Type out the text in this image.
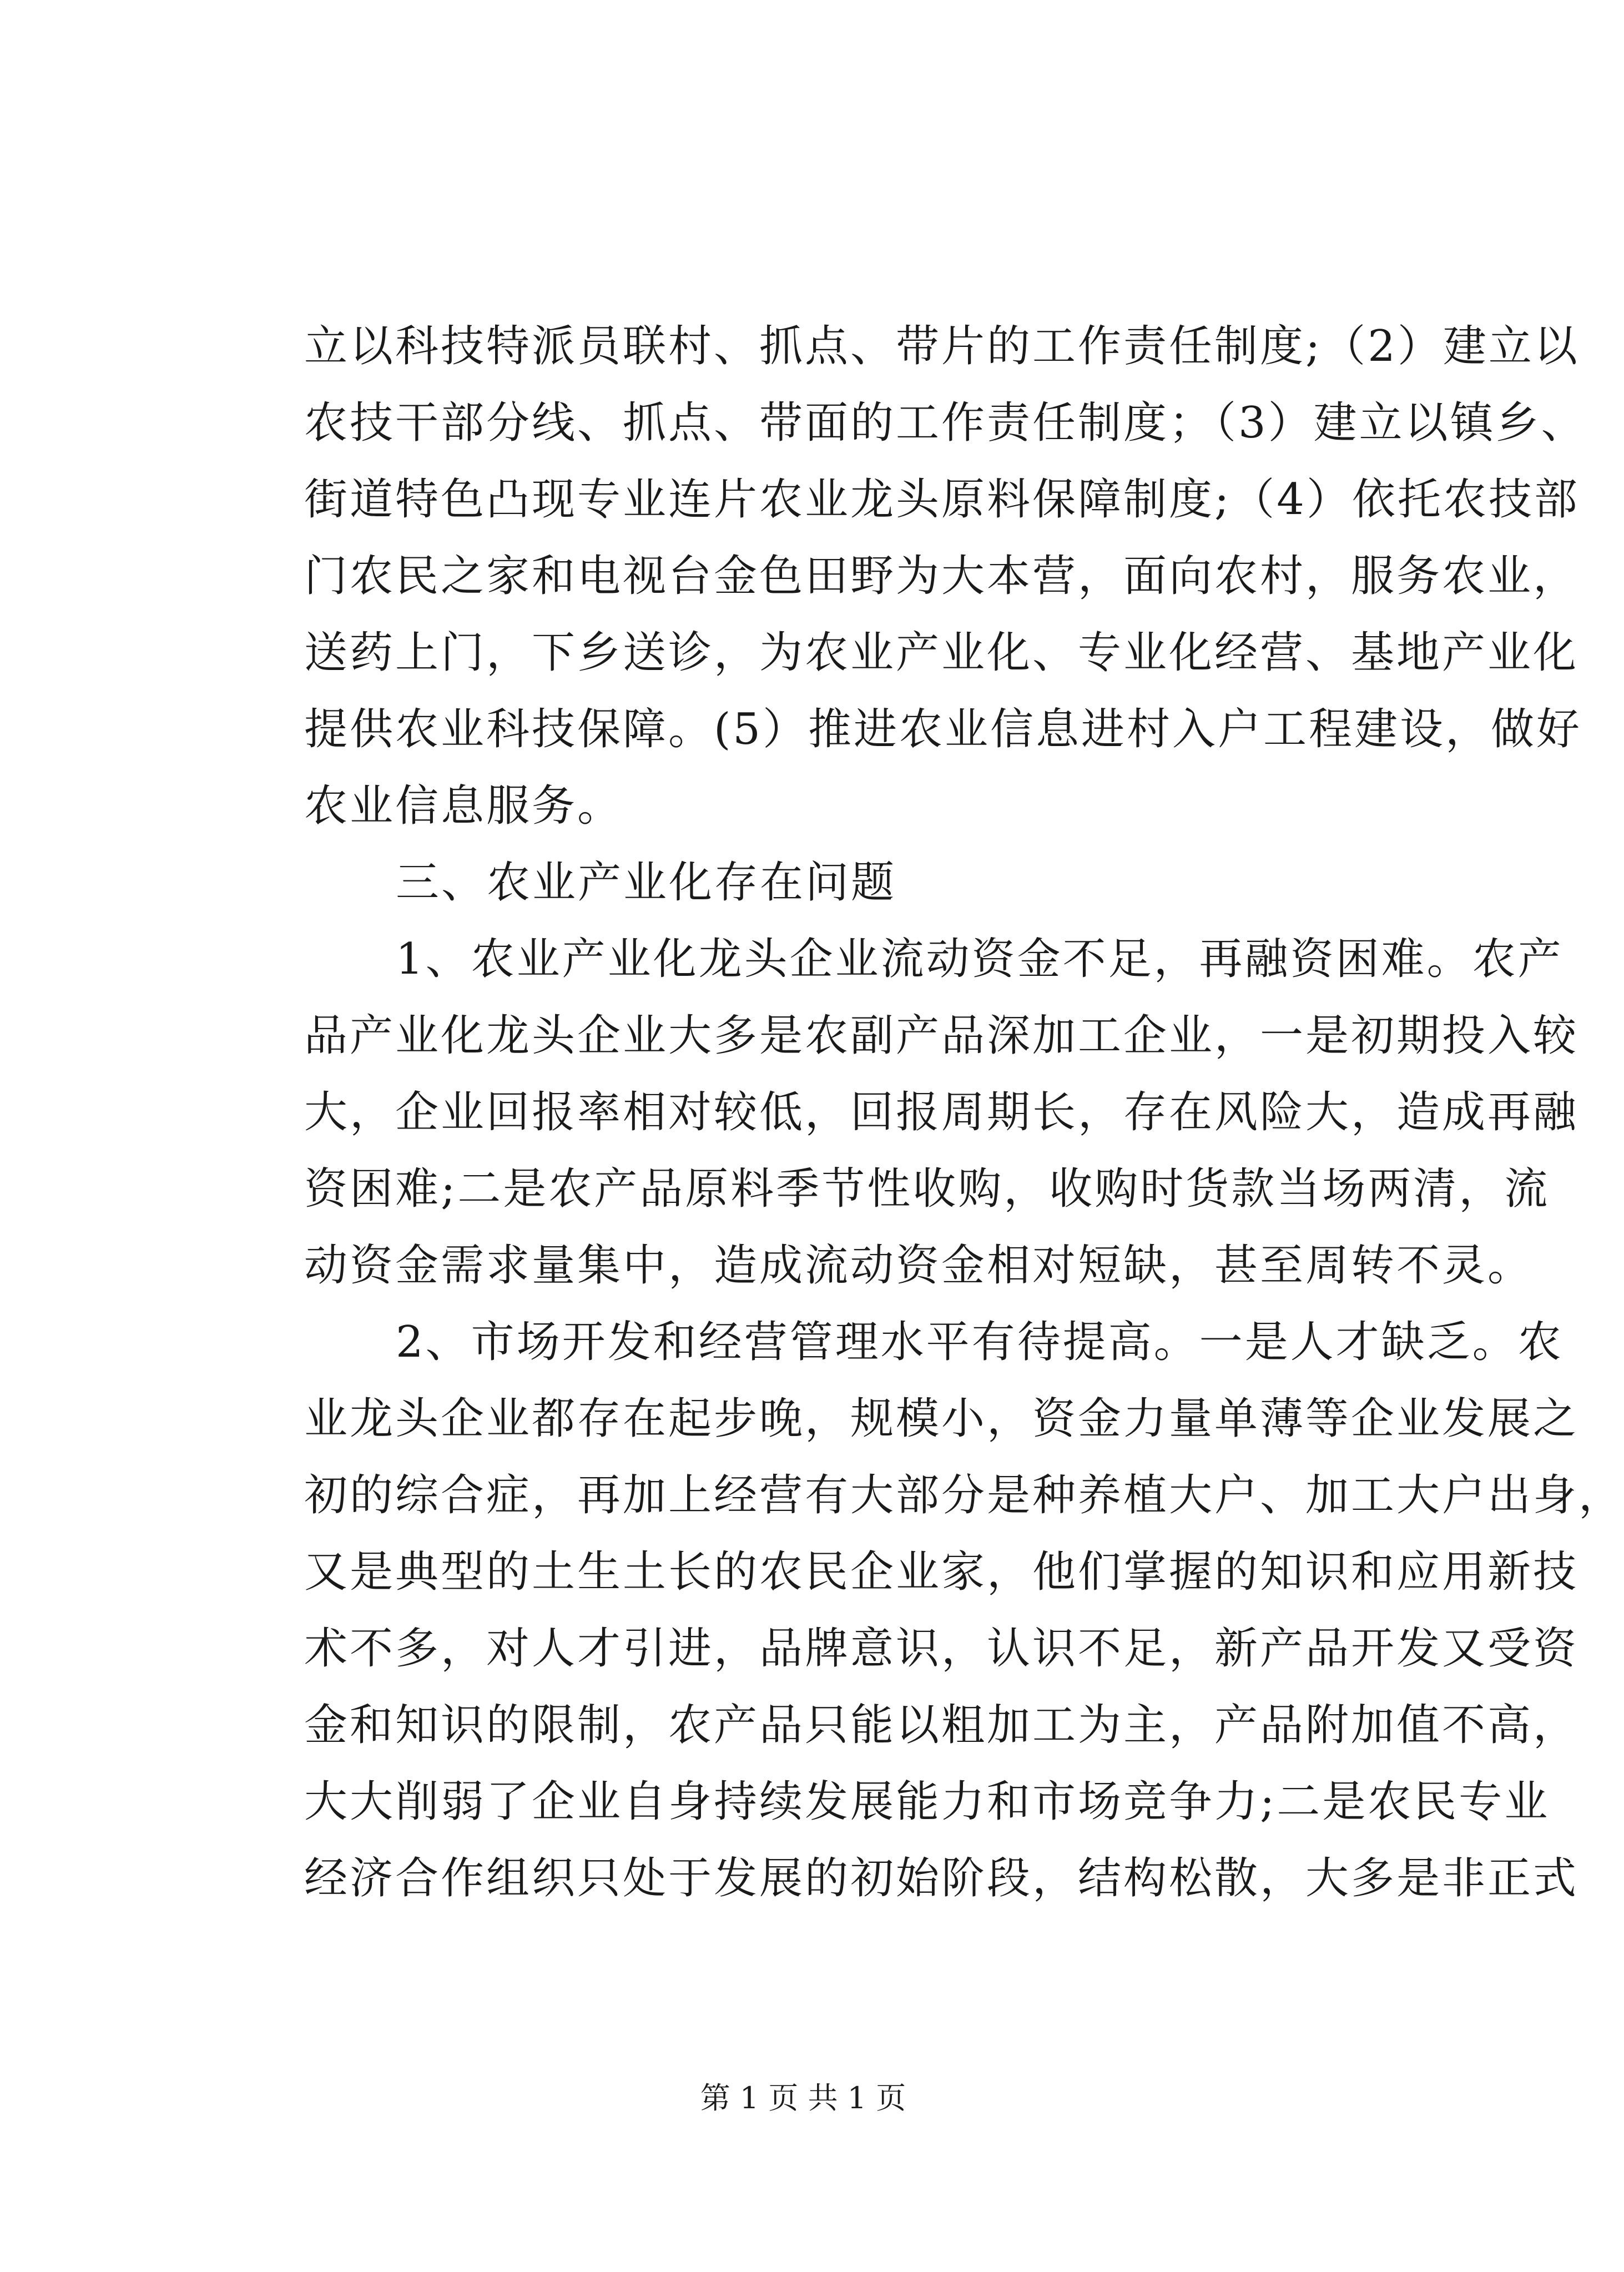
立以科技特派员联村、抓点、带片的工作责任制度;（2）建立以
农技干部分线、抓点、带面的工作责任制度；（3）建立以镇乡、
街道特色凸现专业连片农业龙头原料保障制度;（4）依托农技部
门农民之家和电视台金色田野为大本营，面向农村，服务农业，
送药上门，下乡送诊，为农业产业化、专业化经营、基地产业化
提供农业科技保障。(5）推进农业信息进村入户工程建设，做好
农业信息服务。
三、农业产业化存在问题
1、农业产业化龙头企业流动资金不足，再融资困难。农产
品产业化龙头企业大多是农副产品深加工企业，一是初期投入较
大，企业回报率相对较低，回报周期长，存在风险大，造成再融
资困难;二是农产品原料季节性收购，收购时货款当场两清，流
动资金需求量集中，造成流动资金相对短缺，甚至周转不灵。
2、市场开发和经营管理水平有待提高。一是人才缺乏。农
业龙头企业都存在起步晚，规模小，资金力量单薄等企业发展之
初的综合症，再加上经营有大部分是种养植大户、加工大户出身，
又是典型的土生土长的农民企业家，他们掌握的知识和应用新技
术不多，对人才引进，品牌意识，认识不足，新产品开发又受资
金和知识的限制，农产品只能以粗加工为主，产品附加值不高，
大大削弱了企业自身持续发展能力和市场竞争力;二是农民专业
经济合作组织只处于发展的初始阶段，结构松散，大多是非正式
第 1 页 共 1 页
